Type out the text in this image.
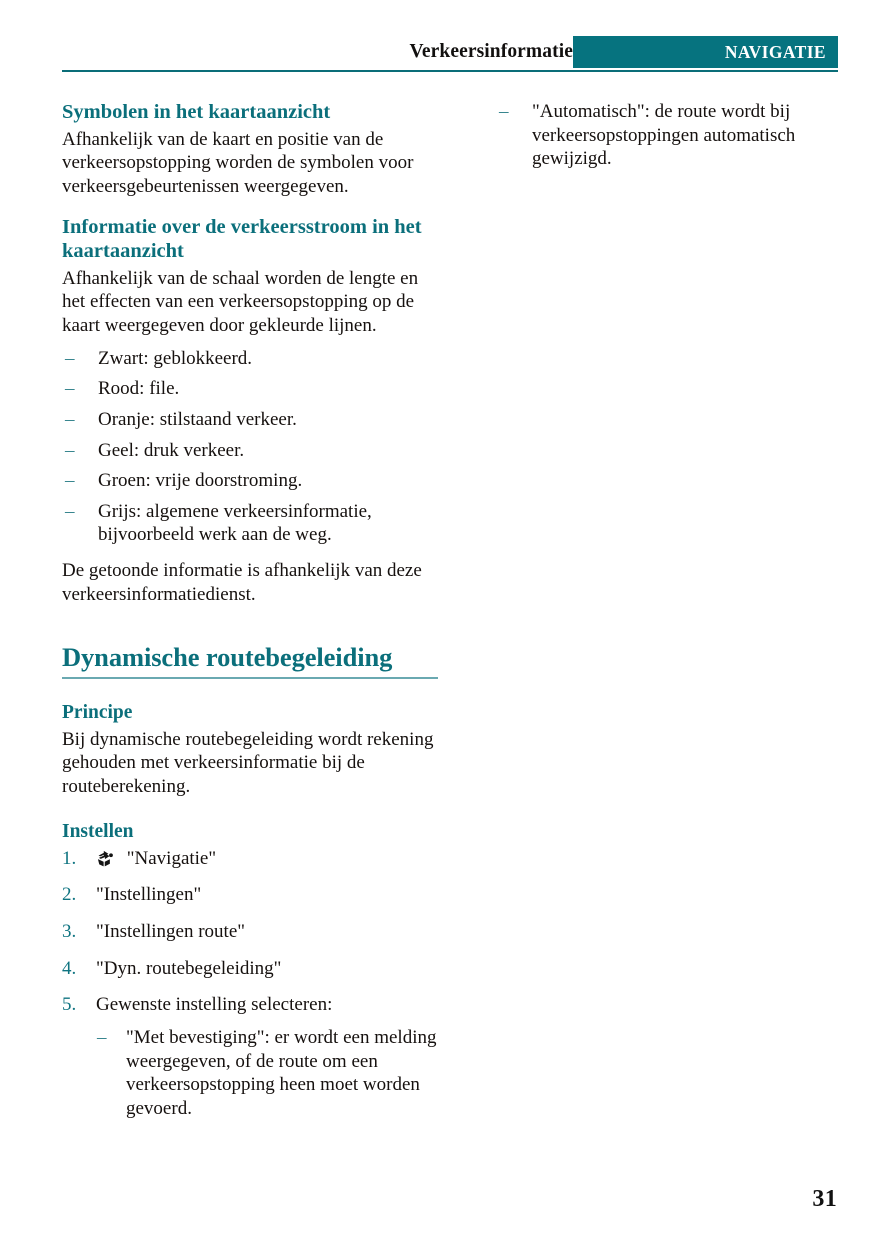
Verkeersinformatie	NAVIGATIE
Symbolen in het kaartaanzicht

Afhankelijk van de kaart en positie van de verkeersopstopping worden de symbolen voor verkeersgebeurtenissen weergegeven.

Informatie over de verkeersstroom in het kaartaanzicht

Afhankelijk van de schaal worden de lengte en het effecten van een verkeersopstopping op de kaart weergegeven door gekleurde lijnen.

– Zwart: geblokkeerd.
– Rood: file.
– Oranje: stilstaand verkeer.
– Geel: druk verkeer.
– Groen: vrije doorstroming.
– Grijs: algemene verkeersinformatie, bijvoorbeeld werk aan de weg.

De getoonde informatie is afhankelijk van deze verkeersinformatiedienst.

Dynamische routebegeleiding
Principe

Bij dynamische routebegeleiding wordt rekening gehouden met verkeersinformatie bij de routeberekening.

Instellen
1.	"Navigatie"
2. "Instellingen"
3. "Instellingen route"
4. "Dyn. routebegeleiding"
5. Gewenste instelling selecteren:
– "Met bevestiging": er wordt een melding weergegeven, of de route om een verkeersopstopping heen moet worden gevoerd.
– "Automatisch": de route wordt bij verkeersopstoppingen automatisch gewijzigd.
31
